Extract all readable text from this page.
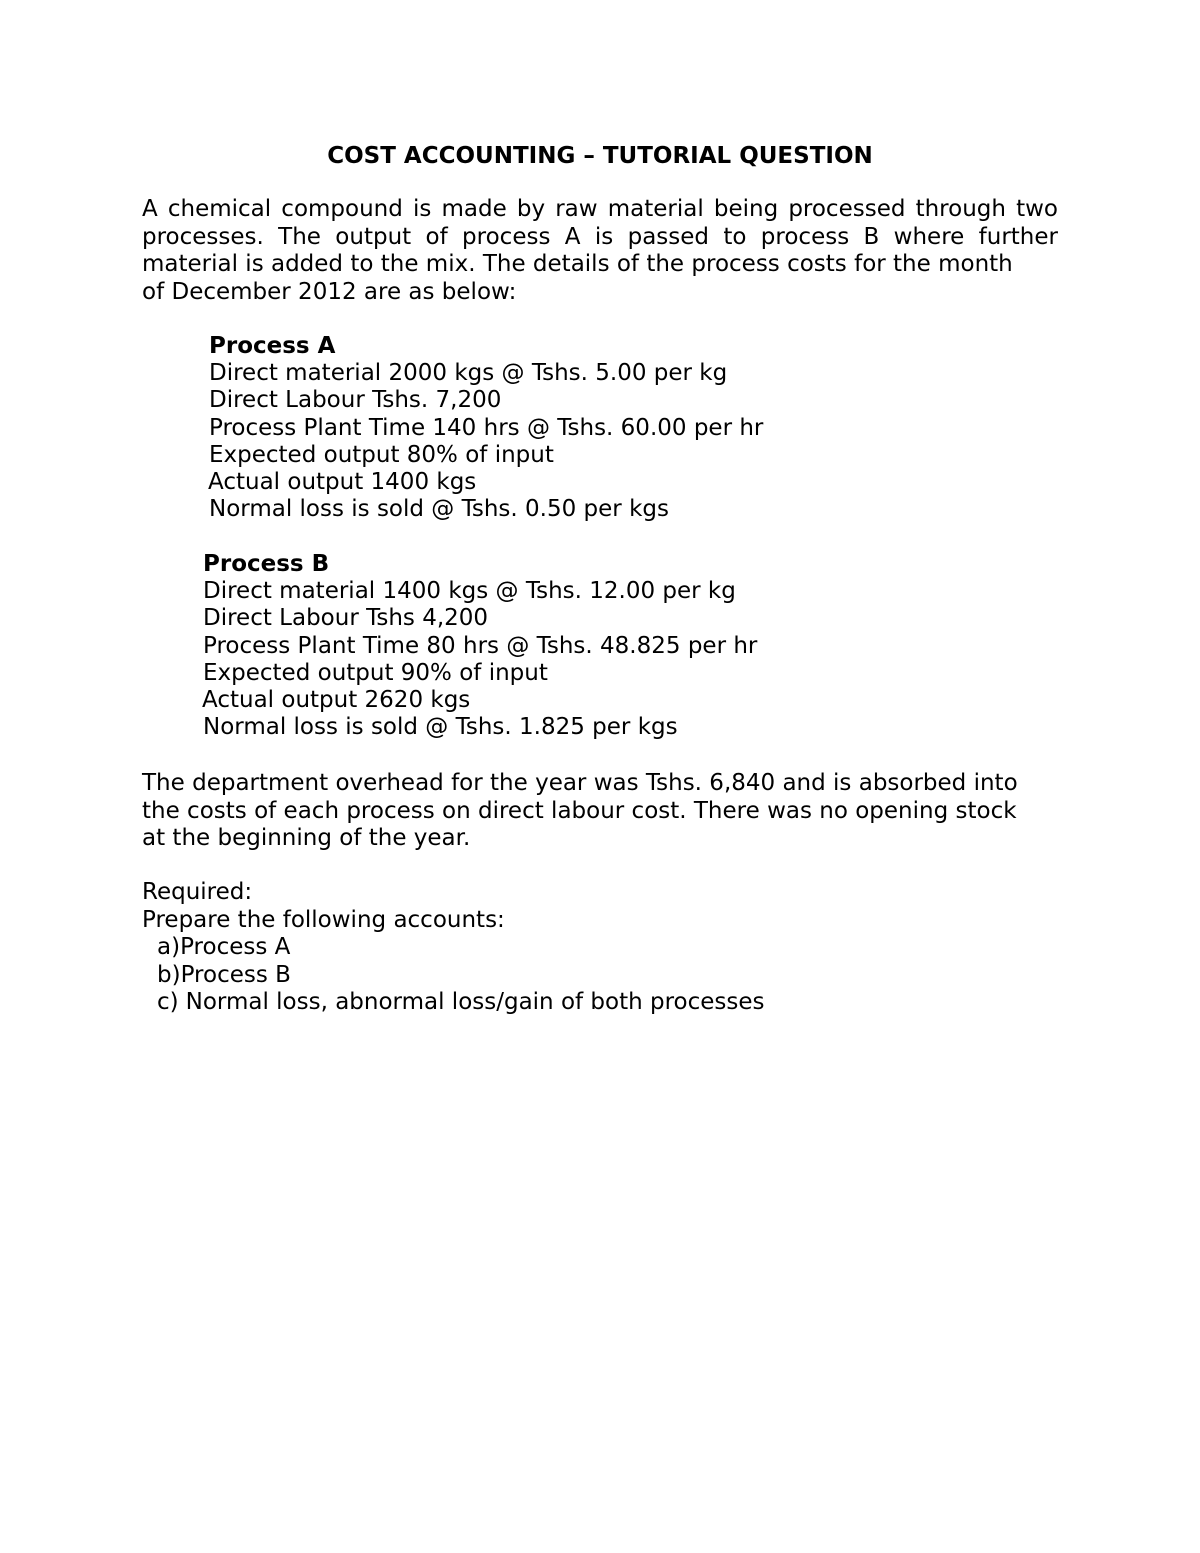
COST ACCOUNTING – TUTORIAL QUESTION
A chemical compound is made by raw material being processed through two processes. The output of process A is passed to process B where further material is added to the mix. The details of the process costs for the month
of December 2012 are as below:
Process A
Direct material 2000 kgs @ Tshs. 5.00 per kg
Direct Labour Tshs. 7,200
Process Plant Time 140 hrs @ Tshs. 60.00 per hr
Expected output 80% of input
Actual output 1400 kgs
Normal loss is sold @ Tshs. 0.50 per kgs
Process B
Direct material 1400 kgs @ Tshs. 12.00 per kg
Direct Labour Tshs 4,200
Process Plant Time 80 hrs @ Tshs. 48.825 per hr
Expected output 90% of input
Actual output 2620 kgs
Normal loss is sold @ Tshs. 1.825 per kgs
The department overhead for the year was Tshs. 6,840 and is absorbed into
the costs of each process on direct labour cost. There was no opening stock
at the beginning of the year.
Required:
Prepare the following accounts:
a)Process A
b)Process B
c) Normal loss, abnormal loss/gain of both processes
